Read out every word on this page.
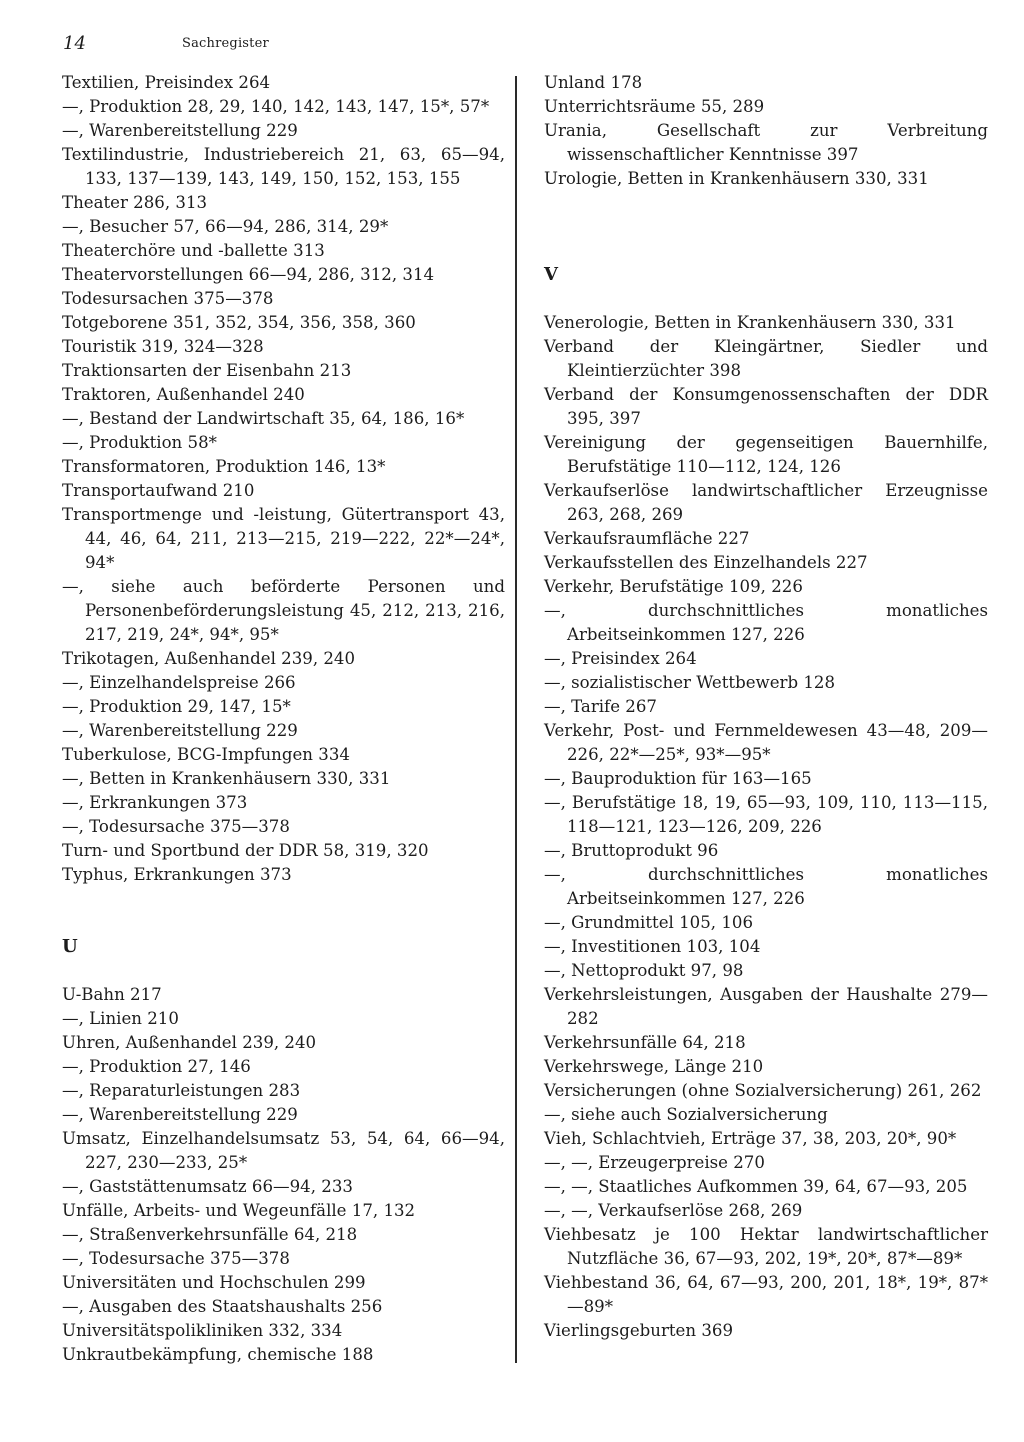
14	Sachregister
Textilien, Preisindex 264
—, Produktion 28, 29, 140, 142, 143, 147, 15*, 57*
—, Warenbereitstellung 229
Textilindustrie, Industriebereich 21, 63, 65—94, 133, 137—139, 143, 149, 150, 152, 153, 155
Theater 286, 313
—, Besucher 57, 66—94, 286, 314, 29*
Theaterchöre und -ballette 313
Theatervorstellungen 66—94, 286, 312, 314
Todesursachen 375—378
Totgeborene 351, 352, 354, 356, 358, 360
Touristik 319, 324—328
Traktionsarten der Eisenbahn 213
Traktoren, Außenhandel 240
—, Bestand der Landwirtschaft 35, 64, 186, 16*
—, Produktion 58*
Transformatoren, Produktion 146, 13*
Transportaufwand 210
Transportmenge und -leistung, Gütertransport 43, 44, 46, 64, 211, 213—215, 219—222, 22*—24*, 94*
—, siehe auch beförderte Personen und Personenbeförderungsleistung 45, 212, 213, 216, 217, 219, 24*, 94*, 95*
Trikotagen, Außenhandel 239, 240
—, Einzelhandelspreise 266
—, Produktion 29, 147, 15*
—, Warenbereitstellung 229
Tuberkulose, BCG-Impfungen 334
—, Betten in Krankenhäusern 330, 331
—, Erkrankungen 373
—, Todesursache 375—378
Turn- und Sportbund der DDR 58, 319, 320
Typhus, Erkrankungen 373
U
U-Bahn 217
—, Linien 210
Uhren, Außenhandel 239, 240
—, Produktion 27, 146
—, Reparaturleistungen 283
—, Warenbereitstellung 229
Umsatz, Einzelhandelsumsatz 53, 54, 64, 66—94, 227, 230—233, 25*
—, Gaststättenumsatz 66—94, 233
Unfälle, Arbeits- und Wegeunfälle 17, 132
—, Straßenverkehrsunfälle 64, 218
—, Todesursache 375—378
Universitäten und Hochschulen 299
—, Ausgaben des Staatshaushalts 256
Universitätspolikliniken 332, 334
Unkrautbekämpfung, chemische 188
Unland 178
Unterrichtsräume 55, 289
Urania, Gesellschaft zur Verbreitung wissenschaftlicher Kenntnisse 397
Urologie, Betten in Krankenhäusern 330, 331
V
Venerologie, Betten in Krankenhäusern 330, 331
Verband der Kleingärtner, Siedler und Kleintierzüchter 398
Verband der Konsumgenossenschaften der DDR 395, 397
Vereinigung der gegenseitigen Bauernhilfe, Berufstätige 110—112, 124, 126
Verkaufserlöse landwirtschaftlicher Erzeugnisse 263, 268, 269
Verkaufsraumfläche 227
Verkaufsstellen des Einzelhandels 227
Verkehr, Berufstätige 109, 226
—, durchschnittliches monatliches Arbeitseinkommen 127, 226
—, Preisindex 264
—, sozialistischer Wettbewerb 128
—, Tarife 267
Verkehr, Post- und Fernmeldewesen 43—48, 209—226, 22*—25*, 93*—95*
—, Bauproduktion für 163—165
—, Berufstätige 18, 19, 65—93, 109, 110, 113—115, 118—121, 123—126, 209, 226
—, Bruttoprodukt 96
—, durchschnittliches monatliches Arbeitseinkommen 127, 226
—, Grundmittel 105, 106
—, Investitionen 103, 104
—, Nettoprodukt 97, 98
Verkehrsleistungen, Ausgaben der Haushalte 279—282
Verkehrsunfälle 64, 218
Verkehrswege, Länge 210
Versicherungen (ohne Sozialversicherung) 261, 262
—, siehe auch Sozialversicherung
Vieh, Schlachtvieh, Erträge 37, 38, 203, 20*, 90*
—, —, Erzeugerpreise 270
—, —, Staatliches Aufkommen 39, 64, 67—93, 205
—, —, Verkaufserlöse 268, 269
Viehbesatz je 100 Hektar landwirtschaftlicher Nutzfläche 36, 67—93, 202, 19*, 20*, 87*—89*
Viehbestand 36, 64, 67—93, 200, 201, 18*, 19*, 87*—89*
Vierlingsgeburten 369
